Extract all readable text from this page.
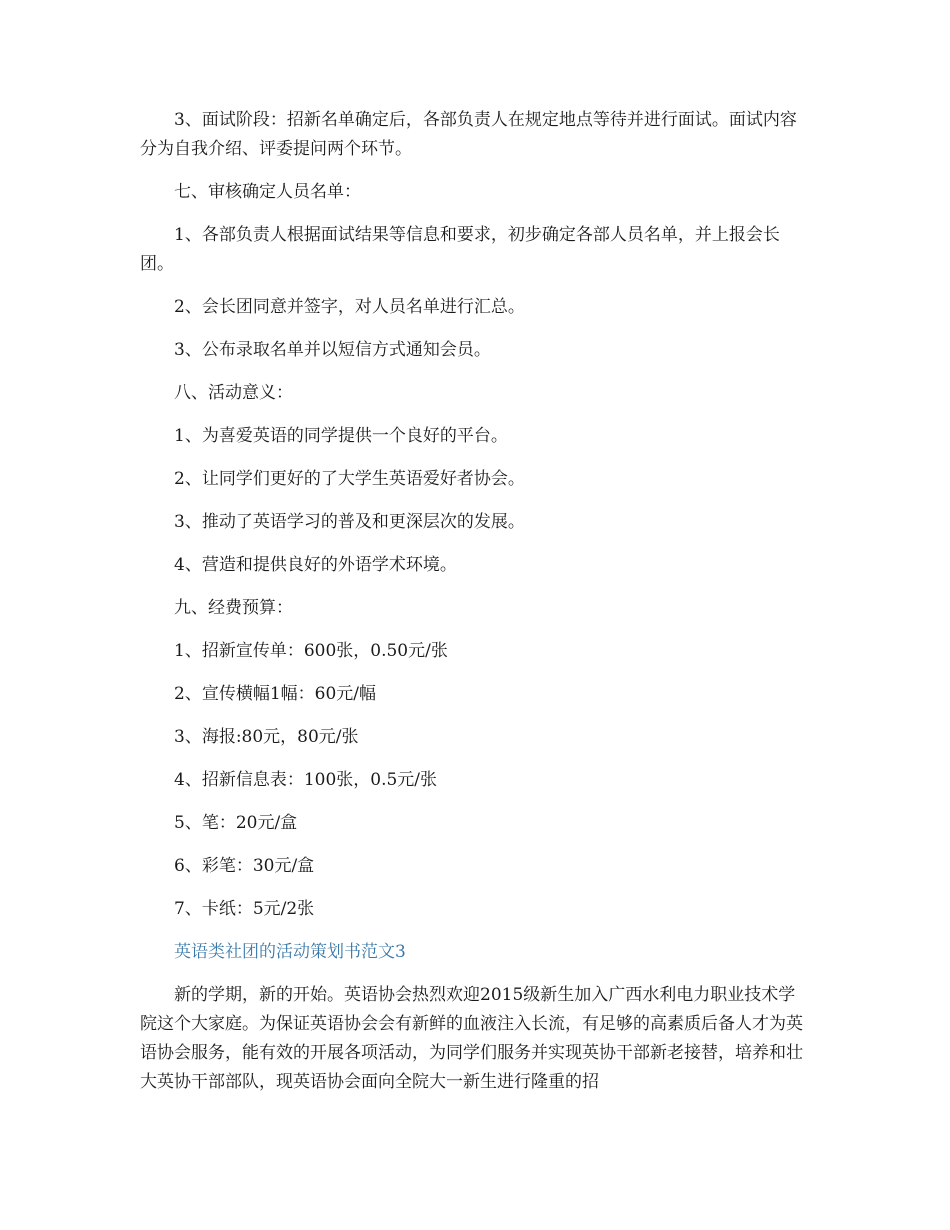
3、面试阶段：招新名单确定后，各部负责人在规定地点等待并进行面试。面试内容分为自我介绍、评委提问两个环节。

七、审核确定人员名单：

1、各部负责人根据面试结果等信息和要求，初步确定各部人员名单，并上报会长团。

2、会长团同意并签字，对人员名单进行汇总。

3、公布录取名单并以短信方式通知会员。

八、活动意义：

1、为喜爱英语的同学提供一个良好的平台。

2、让同学们更好的了大学生英语爱好者协会。

3、推动了英语学习的普及和更深层次的发展。

4、营造和提供良好的外语学术环境。

九、经费预算：

1、招新宣传单：600张，0.50元/张

2、宣传横幅1幅：60元/幅

3、海报:80元，80元/张

4、招新信息表：100张，0.5元/张

5、笔：20元/盒

6、彩笔：30元/盒

7、卡纸：5元/2张

英语类社团的活动策划书范文3

新的学期，新的开始。英语协会热烈欢迎2015级新生加入广西水利电力职业技术学院这个大家庭。为保证英语协会会有新鲜的血液注入长流，有足够的高素质后备人才为英语协会服务，能有效的开展各项活动，为同学们服务并实现英协干部新老接替，培养和壮大英协干部部队，现英语协会面向全院大一新生进行隆重的招
